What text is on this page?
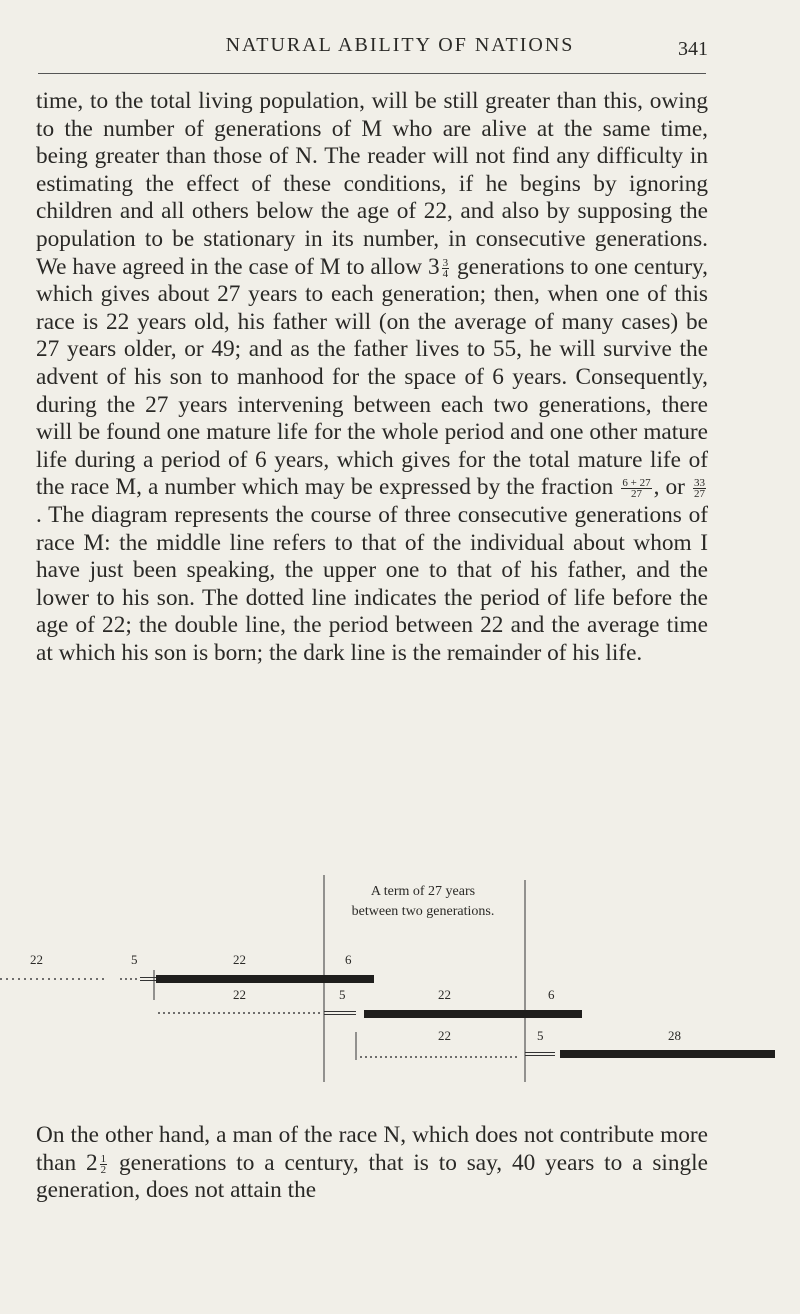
NATURAL ABILITY OF NATIONS	341

time, to the total living population, will be still greater than this, owing to the number of generations of M who are alive at the same time, being greater than those of N. The reader will not find any difficulty in estimating the effect of these conditions, if he begins by ignoring children and all others below the age of 22, and also by supposing the population to be stationary in its number, in consecutive generations. We have agreed in the case of M to allow $3 \frac{3}{4}$ generations to one century, which gives about 27 years to each generation; then, when one of this race is 22 years old, his father will (on the average of many cases) be 27 years older, or 49; and as the father lives to 55, he will survive the advent of his son to manhood for the space of 6 years. Consequently, during the 27 years intervening between each two generations, there will be found one mature life for the whole period and one other mature life during a period of 6 years, which gives for the total mature life of the race M, a number which may be expressed by the fraction $\frac{6 + 27}{27}$ , or $\frac{33}{27}$
. The diagram represents the course of three consecutive generations of race M: the middle line refers to that of the individual about whom I have just been speaking, the upper one to that of his father, and the lower to his son. The dotted line indicates the period of life before the age of 22; the double line, the period between 22 and the average time at which his son is born; the dark line is the remainder of his life.

A term of 27 years
between two generations.
22	5	22	6
22	5	22	6
22	5	28

On the other hand, a man of the race N, which does not contribute more than $2 \frac{1}{2}$ generations to a century, that is to say, 40 years to a single generation, does not attain the
